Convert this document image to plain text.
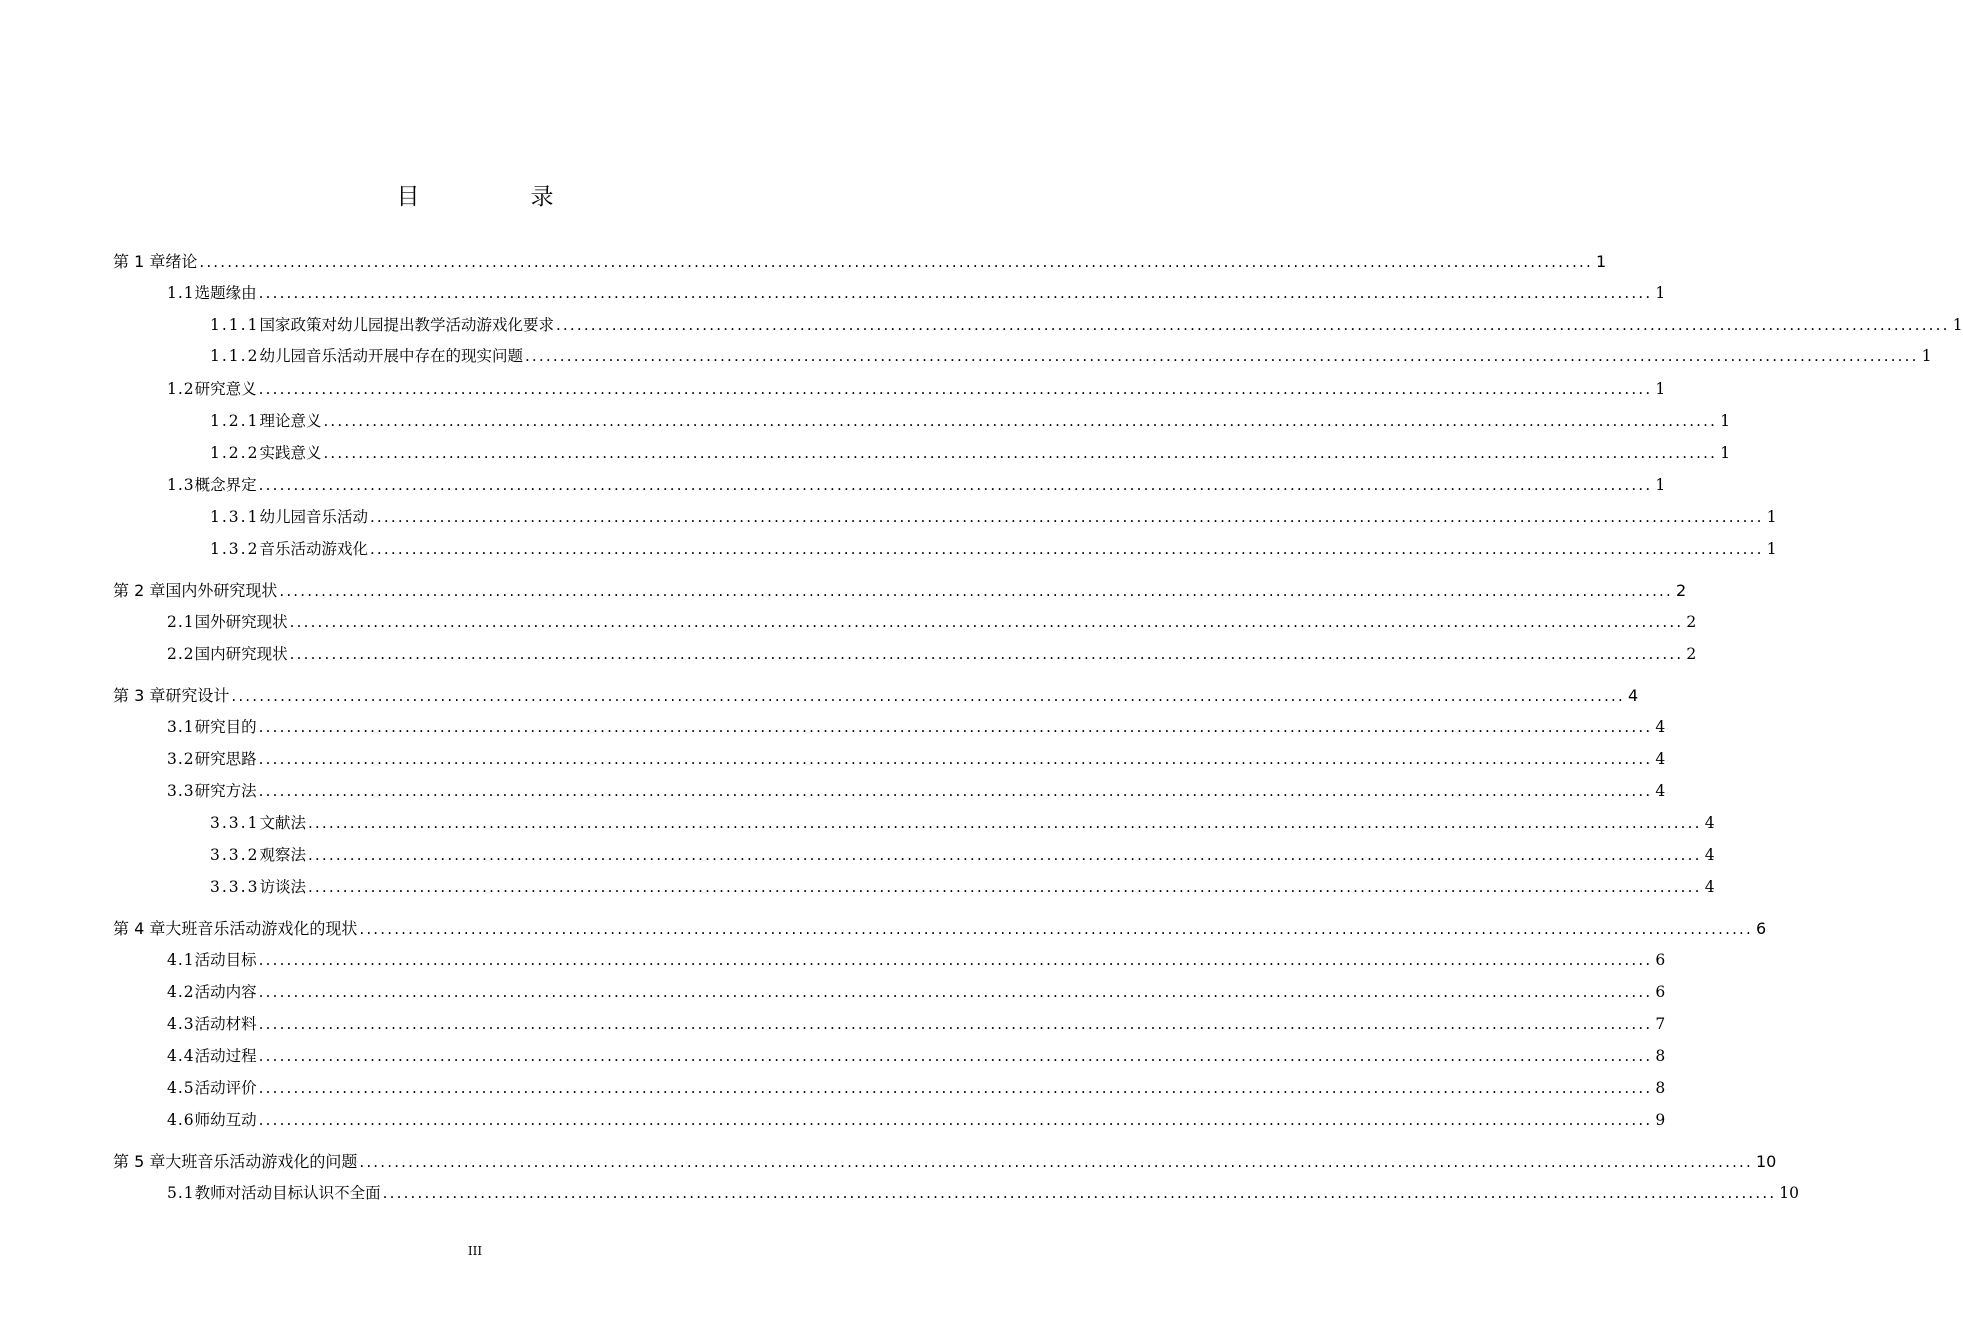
目　录
第 1 章 绪论 ........................................................................................................................................................................................................ 1
1.1 选题缘由 ........................................................................................................................................................................................................ 1
1.1.1 国家政策对幼儿园提出教学活动游戏化要求 ........................................................................................................................................................................................................ 1
1.1.2 幼儿园音乐活动开展中存在的现实问题 ........................................................................................................................................................................................................ 1
1.2 研究意义 ........................................................................................................................................................................................................ 1
1.2.1 理论意义 ........................................................................................................................................................................................................ 1
1.2.2 实践意义 ........................................................................................................................................................................................................ 1
1.3 概念界定 ........................................................................................................................................................................................................ 1
1.3.1 幼儿园音乐活动 ........................................................................................................................................................................................................ 1
1.3.2 音乐活动游戏化 ........................................................................................................................................................................................................ 1
第 2 章 国内外研究现状 ........................................................................................................................................................................................................ 2
2.1 国外研究现状 ........................................................................................................................................................................................................ 2
2.2 国内研究现状 ........................................................................................................................................................................................................ 2
第 3 章 研究设计 ........................................................................................................................................................................................................ 4
3.1 研究目的 ........................................................................................................................................................................................................ 4
3.2 研究思路 ........................................................................................................................................................................................................ 4
3.3 研究方法 ........................................................................................................................................................................................................ 4
3.3.1 文献法 ........................................................................................................................................................................................................ 4
3.3.2 观察法 ........................................................................................................................................................................................................ 4
3.3.3 访谈法 ........................................................................................................................................................................................................ 4
第 4 章 大班音乐活动游戏化的现状 ........................................................................................................................................................................................................ 6
4.1 活动目标 ........................................................................................................................................................................................................ 6
4.2 活动内容 ........................................................................................................................................................................................................ 6
4.3 活动材料 ........................................................................................................................................................................................................ 7
4.4 活动过程 ........................................................................................................................................................................................................ 8
4.5 活动评价 ........................................................................................................................................................................................................ 8
4.6 师幼互动 ........................................................................................................................................................................................................ 9
第 5 章 大班音乐活动游戏化的问题 ........................................................................................................................................................................................................ 10
5.1 教师对活动目标认识不全面 ........................................................................................................................................................................................................ 10
III
